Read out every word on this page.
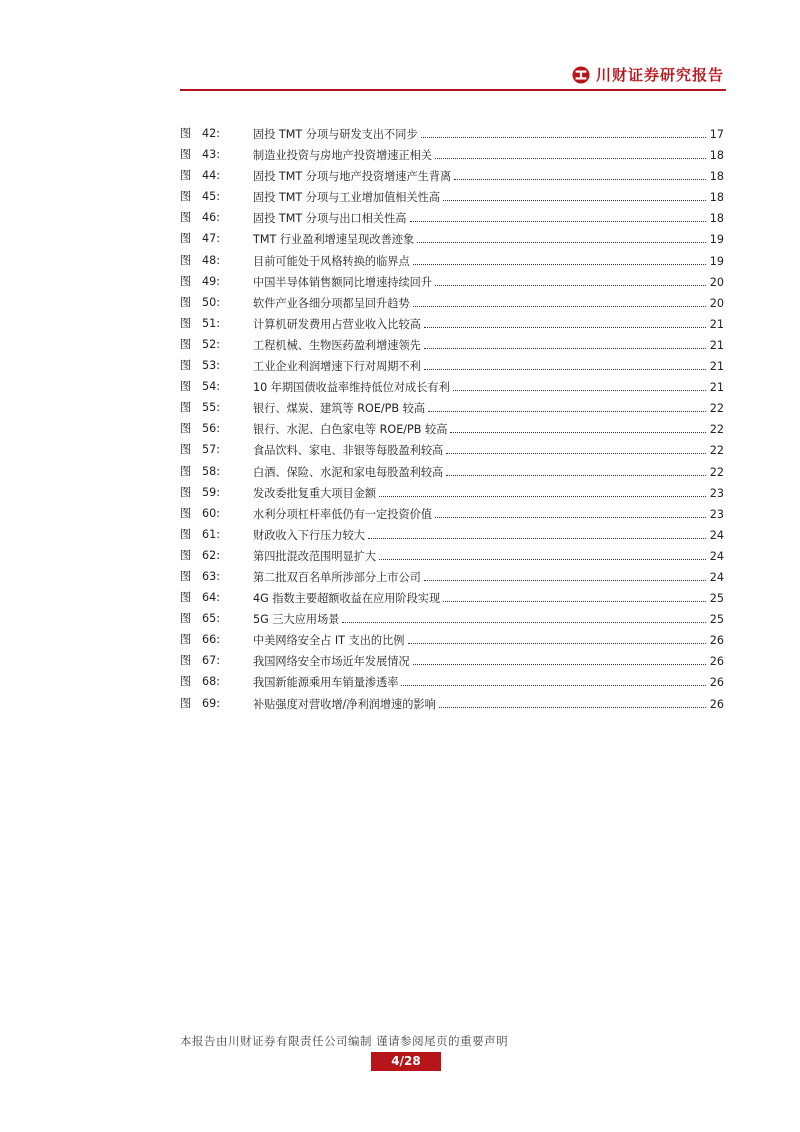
川财证券研究报告
图 42:	固投 TMT 分项与研发支出不同步	17
图 43:	制造业投资与房地产投资增速正相关	18
图 44:	固投 TMT 分项与地产投资增速产生背离	18
图 45:	固投 TMT 分项与工业增加值相关性高	18
图 46:	固投 TMT 分项与出口相关性高	18
图 47:	TMT 行业盈利增速呈现改善迹象	19
图 48:	目前可能处于风格转换的临界点	19
图 49:	中国半导体销售额同比增速持续回升	20
图 50:	软件产业各细分项都呈回升趋势	20
图 51:	计算机研发费用占营业收入比较高	21
图 52:	工程机械、生物医药盈利增速领先	21
图 53:	工业企业利润增速下行对周期不利	21
图 54:	10 年期国债收益率维持低位对成长有利	21
图 55:	银行、煤炭、建筑等 ROE/PB 较高	22
图 56:	银行、水泥、白色家电等 ROE/PB 较高	22
图 57:	食品饮料、家电、非银等每股盈利较高	22
图 58:	白酒、保险、水泥和家电每股盈利较高	22
图 59:	发改委批复重大项目金额	23
图 60:	水利分项杠杆率低仍有一定投资价值	23
图 61:	财政收入下行压力较大	24
图 62:	第四批混改范围明显扩大	24
图 63:	第二批双百名单所涉部分上市公司	24
图 64:	4G 指数主要超额收益在应用阶段实现	25
图 65:	5G 三大应用场景	25
图 66:	中美网络安全占 IT 支出的比例	26
图 67:	我国网络安全市场近年发展情况	26
图 68:	我国新能源乘用车销量渗透率	26
图 69:	补贴强度对营收增/净利润增速的影响	26
本报告由川财证券有限责任公司编制 谨请参阅尾页的重要声明
4/28
